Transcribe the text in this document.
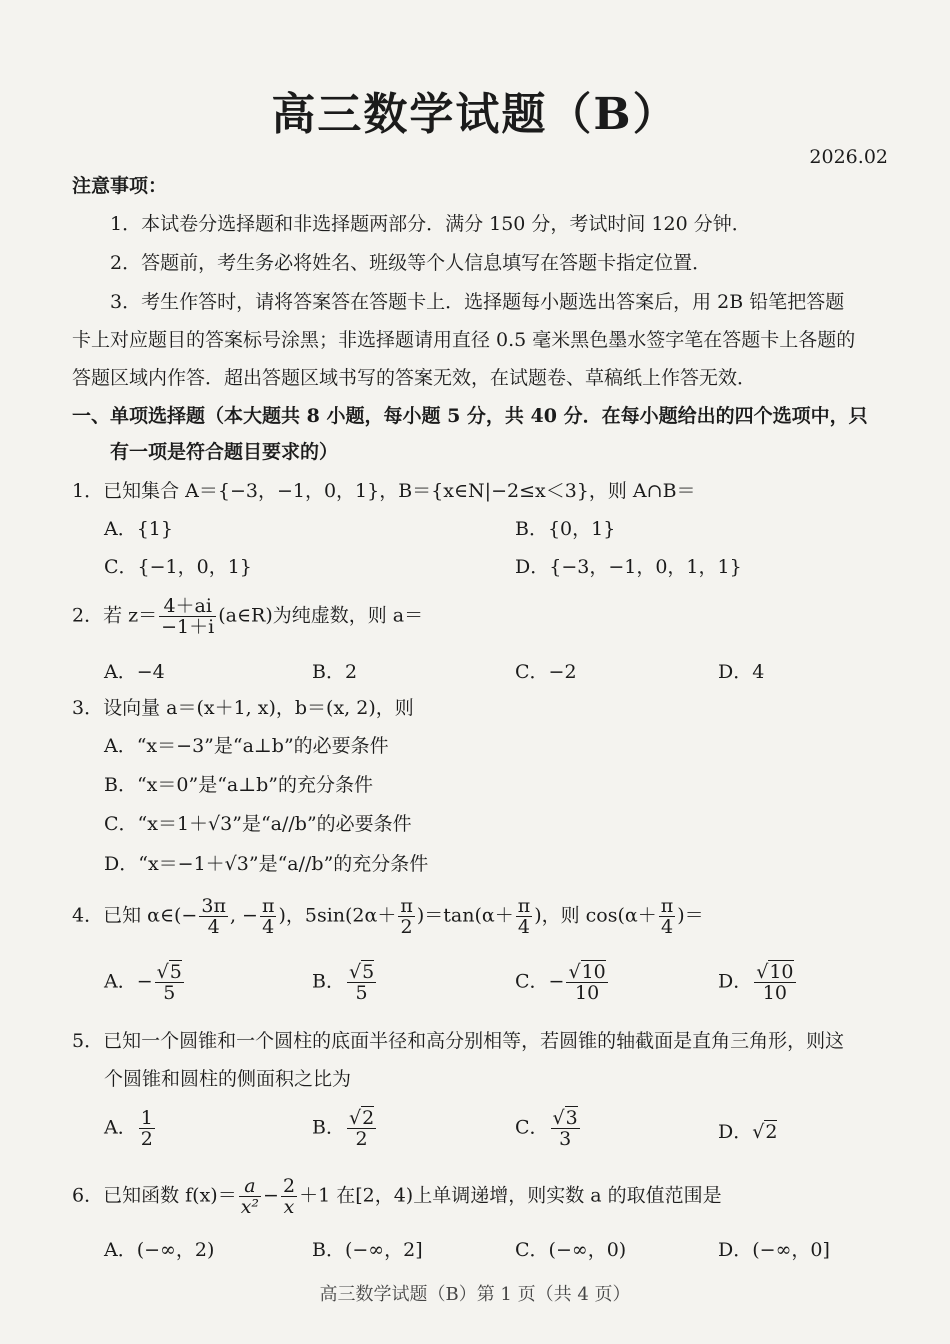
高三数学试题（B）
2026.02
注意事项：
1．本试卷分选择题和非选择题两部分．满分 150 分，考试时间 120 分钟．
2．答题前，考生务必将姓名、班级等个人信息填写在答题卡指定位置．
3．考生作答时，请将答案答在答题卡上．选择题每小题选出答案后，用 2B 铅笔把答题
卡上对应题目的答案标号涂黑；非选择题请用直径 0.5 毫米黑色墨水签字笔在答题卡上各题的
答题区域内作答．超出答题区域书写的答案无效，在试题卷、草稿纸上作答无效．
一、单项选择题（本大题共 8 小题，每小题 5 分，共 40 分．在每小题给出的四个选项中，只
有一项是符合题目要求的）
1．已知集合 A＝{−3，−1，0，1}，B＝{x∈N|−2≤x＜3}，则 A∩B＝
A．{1}	B．{0，1}
C．{−1，0，1}	D．{−3，−1，0，1，1}
2．若 $z= \frac{4+ai}{-1+i}$ (a∈R)为纯虚数，则 a＝
A．−4	B．2	C．−2	D．4
3．设向量 a＝(x＋1, x)，b＝(x, 2)，则
A．“x＝−3”是“a⊥b”的必要条件
B．“x＝0”是“a⊥b”的充分条件
C．“x＝1＋√3”是“a//b”的必要条件
D．“x＝−1＋√3”是“a//b”的充分条件
4．已知 α∈(− $\frac{3\pi}{4}$ , − $\frac{\pi}{4}$ )，$5\sin(2\alpha+ \frac{\pi}{2} )=\tan(\alpha+ \frac{\pi}{4}$ )，则 $\cos(\alpha+ \frac{\pi}{4}$ )＝
A．− $\frac{√5}{5}$	B． $\frac{√5}{5}$	C．− $\frac{√10}{10}$	D． $\frac{√10}{10}$
5．已知一个圆锥和一个圆柱的底面半径和高分别相等，若圆锥的轴截面是直角三角形，则这
个圆锥和圆柱的侧面积之比为
A． $\frac{1}{2}$	B． $\frac{√2}{2}$	C． $\frac{√3}{3}$	D．√2
6．已知函数 $f(x)= \frac{a}{\text{x²}} - \frac{2}{x} +1$ 在[2，4)上单调递增，则实数 a 的取值范围是
A．(−∞，2)	B．(−∞，2]	C．(−∞，0)	D．(−∞，0]
高三数学试题（B）第 1 页（共 4 页）
